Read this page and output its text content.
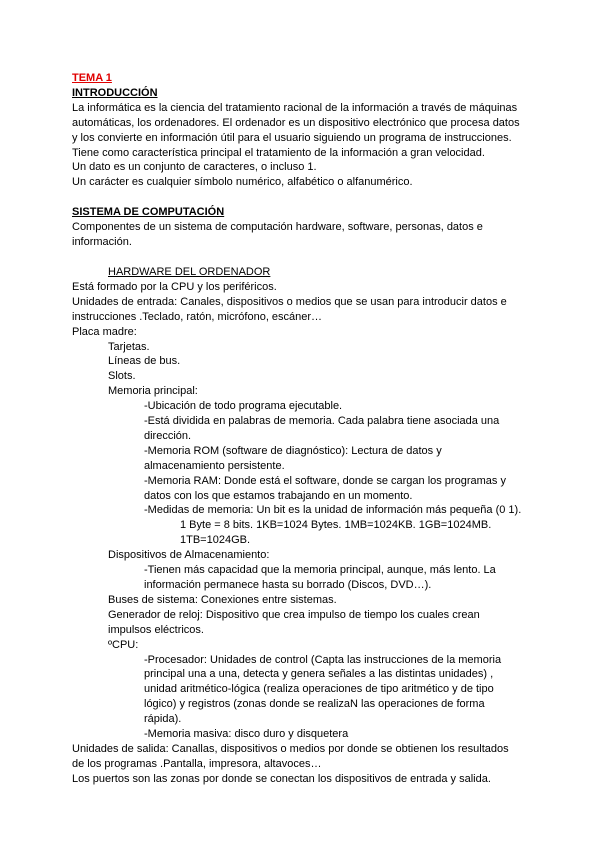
TEMA 1
INTRODUCCIÓN
La informática es la ciencia del tratamiento racional de la información a través de máquinas
automáticas, los ordenadores. El ordenador es un dispositivo electrónico que procesa datos
y los convierte en información útil para el usuario siguiendo un programa de instrucciones.
Tiene como característica principal el tratamiento de la información a gran velocidad.
Un dato es un conjunto de caracteres, o incluso 1.
Un carácter es cualquier símbolo numérico, alfabético o alfanumérico.
SISTEMA DE COMPUTACIÓN
Componentes de un sistema de computación hardware, software, personas, datos e
información.
HARDWARE DEL ORDENADOR
Está formado por la CPU y los periféricos.
Unidades de entrada: Canales, dispositivos o medios que se usan para introducir datos e
instrucciones .Teclado, ratón, micrófono, escáner…
Placa madre:
Tarjetas.
Líneas de bus.
Slots.
Memoria principal:
-Ubicación de todo programa ejecutable.
-Está dividida en palabras de memoria. Cada palabra tiene asociada una
dirección.
-Memoria ROM (software de diagnóstico): Lectura de datos y
almacenamiento persistente.
-Memoria RAM: Donde está el software, donde se cargan los programas y
datos con los que estamos trabajando en un momento.
-Medidas de memoria: Un bit es la unidad de información más pequeña (0 1).
1 Byte = 8 bits. 1KB=1024 Bytes. 1MB=1024KB. 1GB=1024MB.
1TB=1024GB.
Dispositivos de Almacenamiento:
-Tienen más capacidad que la memoria principal, aunque, más lento. La
información permanece hasta su borrado (Discos, DVD…).
Buses de sistema: Conexiones entre sistemas.
Generador de reloj: Dispositivo que crea impulso de tiempo los cuales crean
impulsos eléctricos.
ºCPU:
-Procesador: Unidades de control (Capta las instrucciones de la memoria
principal una a una, detecta y genera señales a las distintas unidades) ,
unidad aritmético-lógica (realiza operaciones de tipo aritmético y de tipo
lógico) y registros (zonas donde se realizaN las operaciones de forma
rápida).
-Memoria masiva: disco duro y disquetera
Unidades de salida: Canallas, dispositivos o medios por donde se obtienen los resultados
de los programas .Pantalla, impresora, altavoces…
Los puertos son las zonas por donde se conectan los dispositivos de entrada y salida.
